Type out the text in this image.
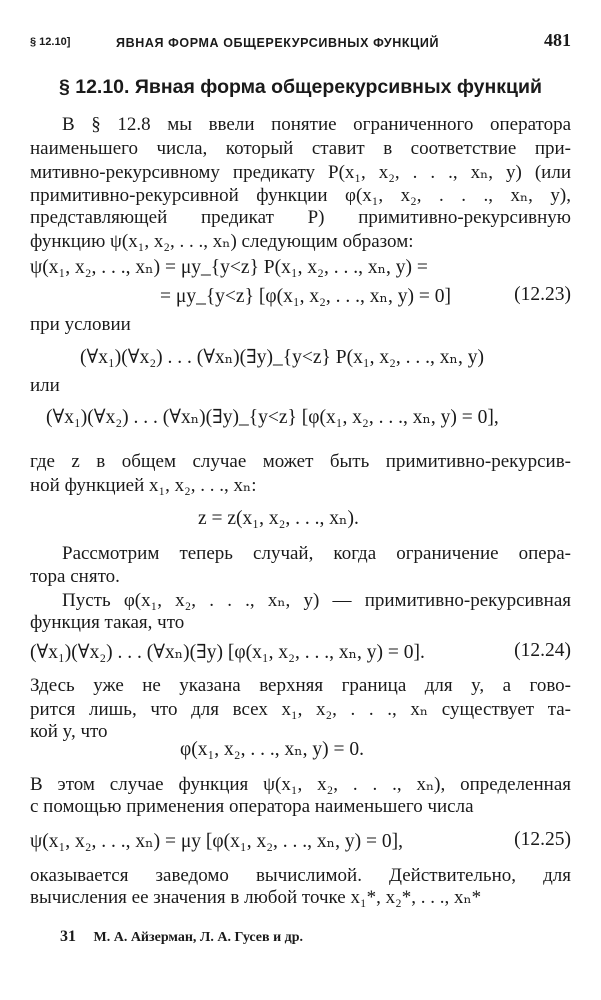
§ 12.10]	ЯВНАЯ ФОРМА ОБЩЕРЕКУРСИВНЫХ ФУНКЦИЙ	481
§ 12.10. Явная форма общерекурсивных функций
В § 12.8 мы ввели понятие ограниченного оператора
наименьшего числа, который ставит в соответствие при-
митивно-рекурсивному предикату P(x₁, x₂, . . ., xₙ, y) (или
примитивно-рекурсивной функции φ(x₁, x₂, . . ., xₙ, y),
представляющей предикат P) примитивно-рекурсивную
функцию ψ(x₁, x₂, . . ., xₙ) следующим образом:
ψ(x₁, x₂, . . ., xₙ) = μy_{y<z} P(x₁, x₂, . . ., xₙ, y) =
= μy_{y<z} [φ(x₁, x₂, . . ., xₙ, y) = 0]	(12.23)
при условии
(∀x₁)(∀x₂) . . . (∀xₙ)(∃y)_{y<z} P(x₁, x₂, . . ., xₙ, y)
или
(∀x₁)(∀x₂) . . . (∀xₙ)(∃y)_{y<z} [φ(x₁, x₂, . . ., xₙ, y) = 0],
где z в общем случае может быть примитивно-рекурсив-
ной функцией x₁, x₂, . . ., xₙ:
z = z(x₁, x₂, . . ., xₙ).
Рассмотрим теперь случай, когда ограничение опера-
тора снято.
Пусть φ(x₁, x₂, . . ., xₙ, y) — примитивно-рекурсивная
функция такая, что
(∀x₁)(∀x₂) . . . (∀xₙ)(∃y) [φ(x₁, x₂, . . ., xₙ, y) = 0].	(12.24)
Здесь уже не указана верхняя граница для y, а гово-
рится лишь, что для всех x₁, x₂, . . ., xₙ существует та-
кой y, что
φ(x₁, x₂, . . ., xₙ, y) = 0.
В этом случае функция ψ(x₁, x₂, . . ., xₙ), определенная
с помощью применения оператора наименьшего числа
ψ(x₁, x₂, . . ., xₙ) = μy [φ(x₁, x₂, . . ., xₙ, y) = 0],	(12.25)
оказывается заведомо вычислимой. Действительно, для
вычисления ее значения в любой точке x₁*, x₂*, . . ., xₙ*
31 М. А. Айзерман, Л. А. Гусев и др.
